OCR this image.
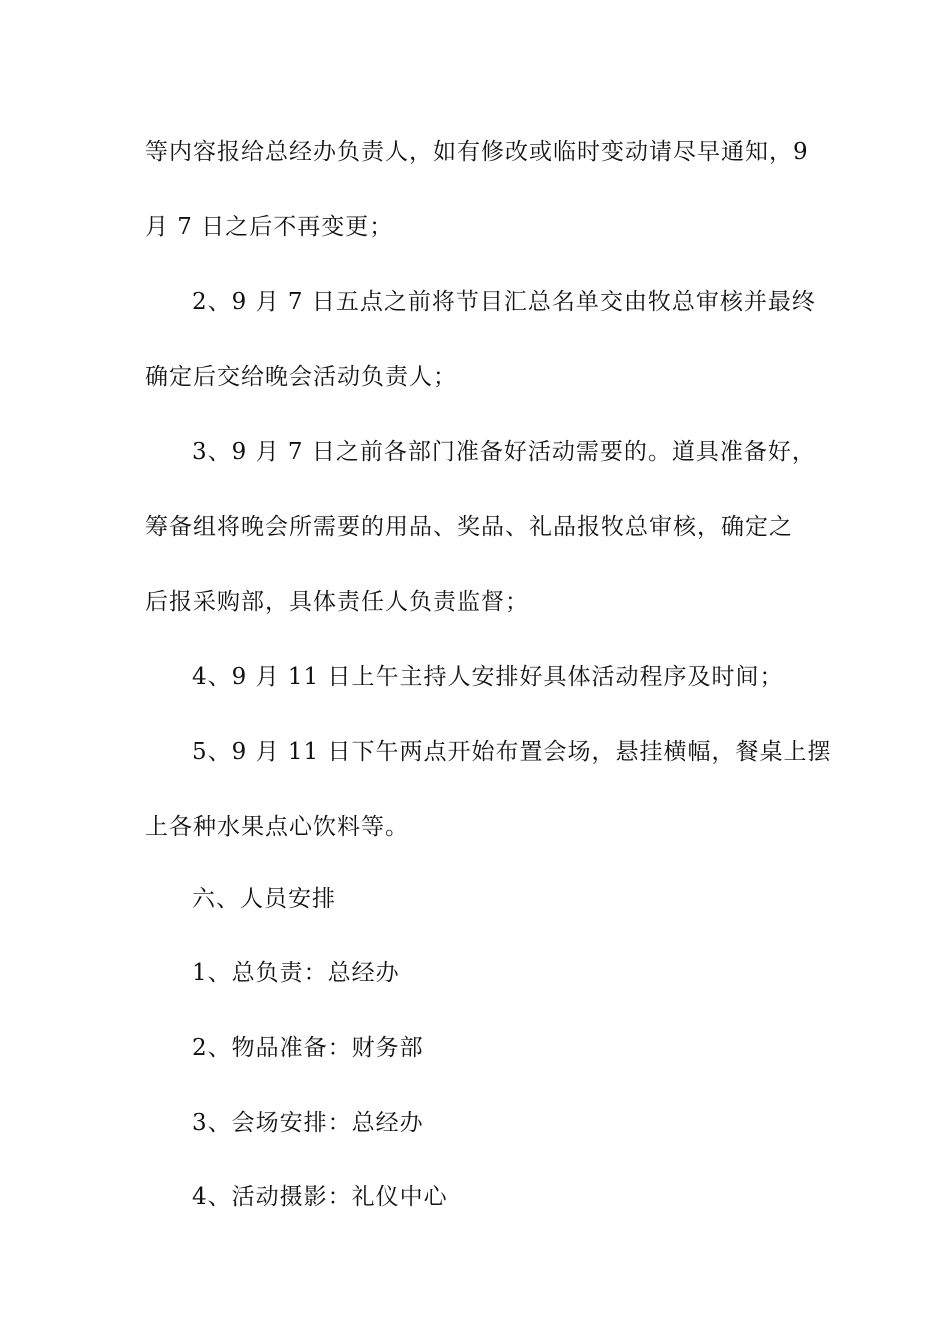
等内容报给总经办负责人，如有修改或临时变动请尽早通知，9
月 7 日之后不再变更；
2、9 月 7 日五点之前将节目汇总名单交由牧总审核并最终
确定后交给晚会活动负责人；
3、9 月 7 日之前各部门准备好活动需要的。道具准备好，
筹备组将晚会所需要的用品、奖品、礼品报牧总审核，确定之
后报采购部，具体责任人负责监督；
4、9 月 11 日上午主持人安排好具体活动程序及时间；
5、9 月 11 日下午两点开始布置会场，悬挂横幅，餐桌上摆
上各种水果点心饮料等。
六、人员安排
1、总负责：总经办
2、物品准备：财务部
3、会场安排：总经办
4、活动摄影：礼仪中心
